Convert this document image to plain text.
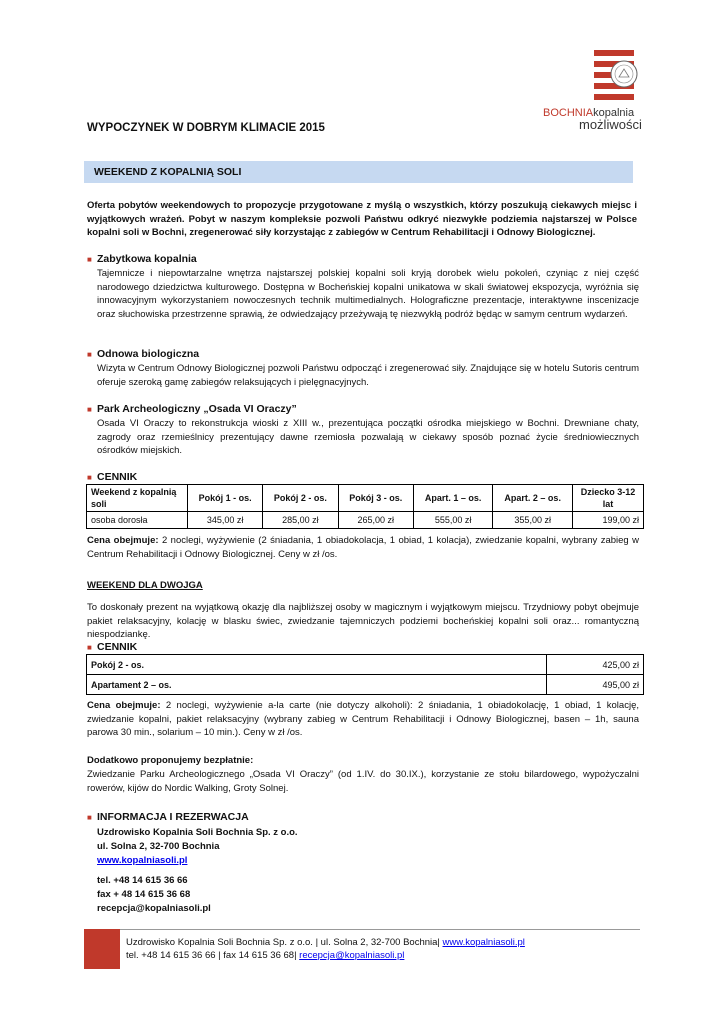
BOCHNIAkopalnia
możliwości
WYPOCZYNEK W DOBRYM KLIMACIE 2015
WEEKEND Z KOPALNIĄ SOLI
Oferta pobytów weekendowych to propozycje przygotowane z myślą o wszystkich, którzy poszukują ciekawych miejsc i wyjątkowych wrażeń. Pobyt w naszym kompleksie pozwoli Państwu odkryć niezwykłe podziemia najstarszej w Polsce kopalni soli w Bochni, zregenerować siły korzystając z zabiegów w Centrum Rehabilitacji i Odnowy Biologicznej.
■ Zabytkowa kopalnia
Tajemnicze i niepowtarzalne wnętrza najstarszej polskiej kopalni soli kryją dorobek wielu pokoleń, czyniąc z niej część narodowego dziedzictwa kulturowego. Dostępna w Bocheńskiej kopalni unikatowa w skali światowej ekspozycja, wyróżnia się innowacyjnym wykorzystaniem nowoczesnych technik multimedialnych. Holograficzne prezentacje, interaktywne inscenizacje oraz słuchowiska przestrzenne sprawią, że odwiedzający przeżywają tę niezwykłą podróż będąc w samym centrum wydarzeń.
■ Odnowa biologiczna
Wizyta w Centrum Odnowy Biologicznej pozwoli Państwu odpocząć i zregenerować siły. Znajdujące się w hotelu Sutoris centrum oferuje szeroką gamę zabiegów relaksujących i pielęgnacyjnych.
■ Park Archeologiczny „Osada VI Oraczy”
Osada VI Oraczy to rekonstrukcja wioski z XIII w., prezentująca początki ośrodka miejskiego w Bochni. Drewniane chaty, zagrody oraz rzemieślnicy prezentujący dawne rzemiosła pozwalają w ciekawy sposób poznać życie średniowiecznych ośrodków miejskich.
■ CENNIK
Weekend z kopalnią soli	Pokój 1 - os.	Pokój 2 - os.	Pokój 3 - os.	Apart. 1 – os.	Apart. 2 – os.	Dziecko 3-12 lat
osoba dorosła	345,00 zł	285,00 zł	265,00 zł	555,00 zł	355,00 zł	199,00 zł
Cena obejmuje: 2 noclegi, wyżywienie (2 śniadania, 1 obiadokolacja, 1 obiad, 1 kolacja), zwiedzanie kopalni, wybrany zabieg w Centrum Rehabilitacji i Odnowy Biologicznej. Ceny w zł /os.
WEEKEND DLA DWOJGA
To doskonały prezent na wyjątkową okazję dla najbliższej osoby w magicznym i wyjątkowym miejscu. Trzydniowy pobyt obejmuje pakiet relaksacyjny, kolację w blasku świec, zwiedzanie tajemniczych podziemi bocheńskiej kopalni soli oraz... romantyczną niespodziankę.
■ CENNIK
Pokój 2 - os.	425,00 zł
Apartament 2 – os.	495,00 zł
Cena obejmuje: 2 noclegi, wyżywienie a-la carte (nie dotyczy alkoholi): 2 śniadania, 1 obiadokolację, 1 obiad, 1 kolację, zwiedzanie kopalni, pakiet relaksacyjny (wybrany zabieg w Centrum Rehabilitacji i Odnowy Biologicznej, basen – 1h, sauna parowa 30 min., solarium – 10 min.). Ceny w zł /os.
Dodatkowo proponujemy bezpłatnie:
Zwiedzanie Parku Archeologicznego „Osada VI Oraczy” (od 1.IV. do 30.IX.), korzystanie ze stołu bilardowego, wypożyczalni rowerów, kijów do Nordic Walking, Groty Solnej.
■ INFORMACJA I REZERWACJA
Uzdrowisko Kopalnia Soli Bochnia Sp. z o.o.
ul. Solna 2, 32-700 Bochnia
www.kopalniasoli.pl
tel. +48 14 615 36 66
fax + 48 14 615 36 68
recepcja@kopalniasoli.pl
Uzdrowisko Kopalnia Soli Bochnia Sp. z o.o. | ul. Solna 2, 32-700 Bochnia| www.kopalniasoli.pl
tel. +48 14 615 36 66 | fax 14 615 36 68| recepcja@kopalniasoli.pl
